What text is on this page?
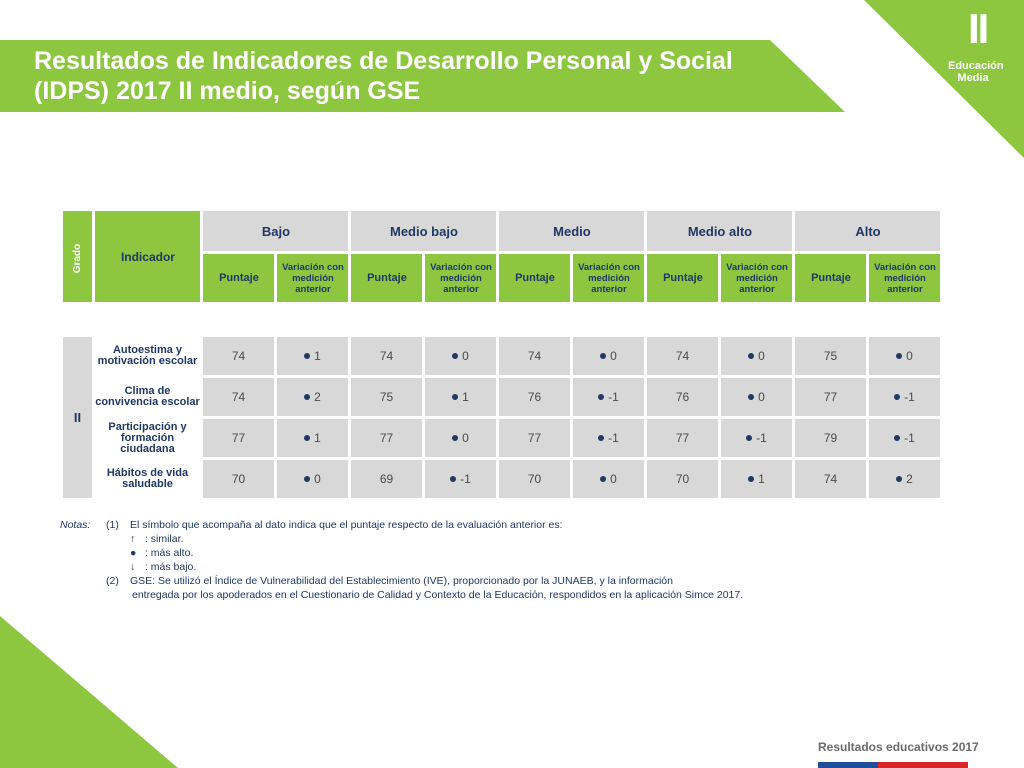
Resultados de Indicadores de Desarrollo Personal y Social (IDPS) 2017 II medio, según GSE
II
Educación Media
Grado	Indicador	Bajo		Medio bajo		Medio		Medio alto		Alto	
		Puntaje	Variación con medición anterior	Puntaje	Variación con medición anterior	Puntaje	Variación con medición anterior	Puntaje	Variación con medición anterior	Puntaje	Variación con medición anterior
II	Autoestima y motivación escolar	74	1	74	0	74	0	74	0	75	0
	Clima de convivencia escolar	74	2	75	1	76	-1	76	0	77	-1
	Participación y formación ciudadana	77	1	77	0	77	-1	77	-1	79	-1
	Hábitos de vida saludable	70	0	69	-1	70	0	70	1	74	2
Notas: (1) El símbolo que acompaña al dato indica que el puntaje respecto de la evaluación anterior es:
↑ : similar.
● : más alto.
↓ : más bajo.
(2) GSE: Se utilizó el Índice de Vulnerabilidad del Establecimiento (IVE), proporcionado por la JUNAEB, y la información
entregada por los apoderados en el Cuestionario de Calidad y Contexto de la Educación, respondidos en la aplicación Simce 2017.
Resultados educativos 2017
